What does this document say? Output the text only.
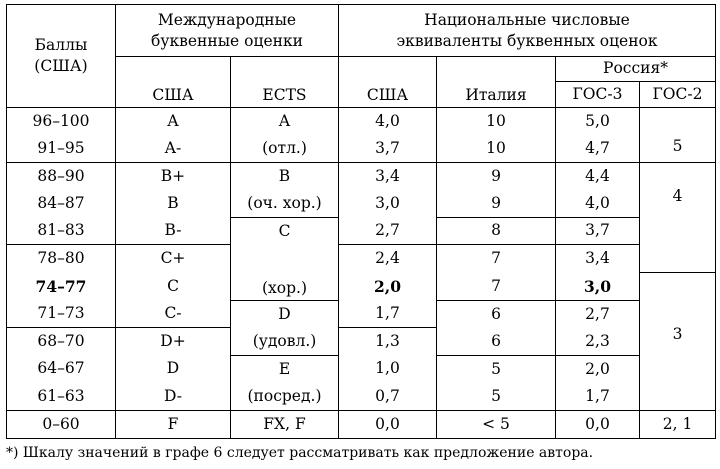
Баллы
(США)	Международные
буквенные оценки		Национальные числовые
эквиваленты буквенных оценок			

	США	ECTS	США	Италия	Россия*	
					ГОС-3	ГОС-2
96–100	A	A	4,0	10	5,0	5
91–95	A-	(отл.)	3,7	10	4,7	
88–90	B+	B	3,4	9	4,4	4
84–87	B	(оч. хор.)	3,0	9	4,0	
81–83	B-	C	2,7	8	3,7	
78–80	C+	(хор.)	2,4	7	3,4	
74–77	C		2,0	7	3,0	3
71–73	C-	D	1,7	6	2,7	
68–70	D+	(удовл.)	1,3	6	2,3	
64–67	D	E	1,0	5	2,0	
61–63	D-	(посред.)	0,7	5	1,7	
0–60	F	FX, F	0,0	< 5	0,0	2, 1
*) Шкалу значений в графе 6 следует рассматривать как предложение автора.
